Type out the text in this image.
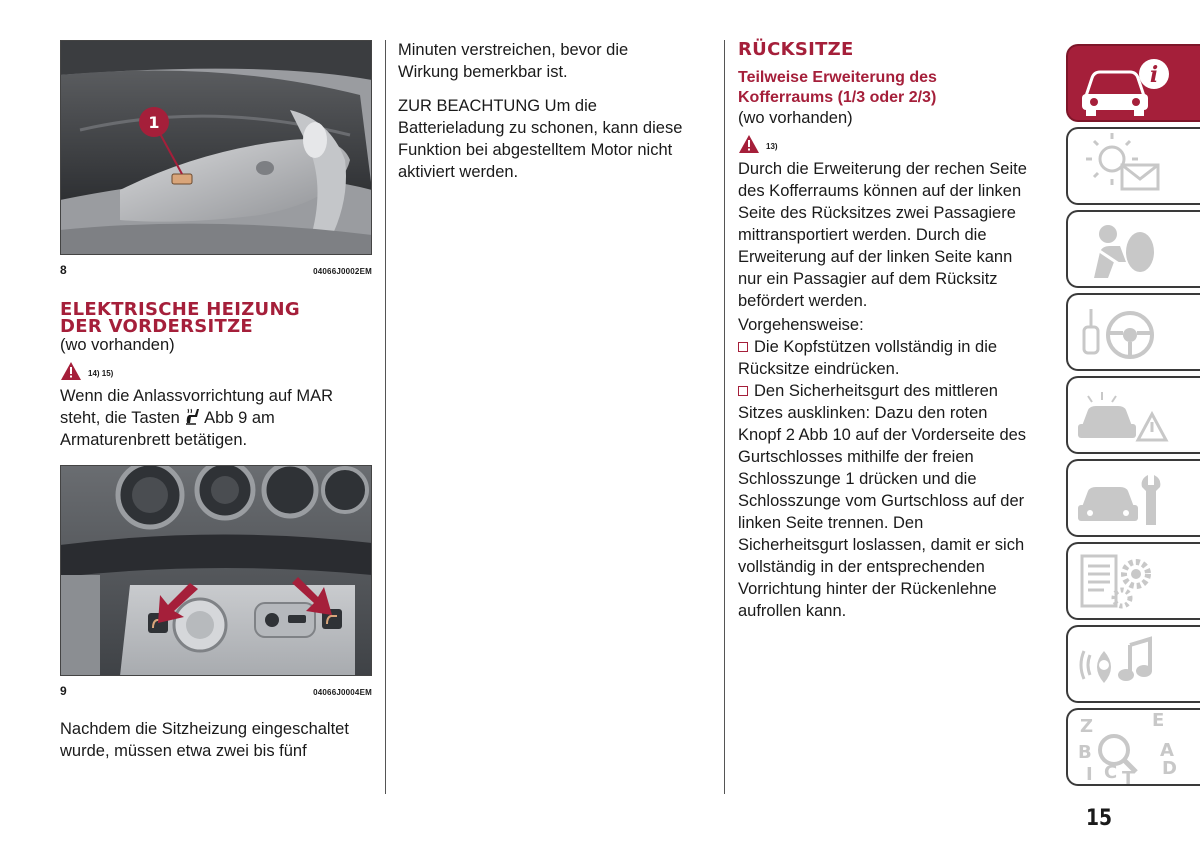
1
8	04066J0002EM
ELEKTRISCHE HEIZUNG
DER VORDERSITZE

(wo vorhanden)

14) 15)

Wenn die Anlassvorrichtung auf MAR
steht, die Tasten Abb 9 am
Armaturenbrett betätigen.

9	04066J0004EM

Nachdem die Sitzheizung eingeschaltet
wurde, müssen etwa zwei bis fünf

Minuten verstreichen, bevor die
Wirkung bemerkbar ist.

ZUR BEACHTUNG Um die
Batterieladung zu schonen, kann diese
Funktion bei abgestelltem Motor nicht
aktiviert werden.

RÜCKSITZE
Teilweise Erweiterung des
Kofferraums (1/3 oder 2/3)

(wo vorhanden)

13)

Durch die Erweiterung der rechen Seite
des Kofferraums können auf der linken
Seite des Rücksitzes zwei Passagiere
mittransportiert werden. Durch die
Erweiterung auf der linken Seite kann
nur ein Passagier auf dem Rücksitz
befördert werden.

Vorgehensweise:

Die Kopfstützen vollständig in die
Rücksitze eindrücken.

Den Sicherheitsgurt des mittleren
Sitzes ausklinken: Dazu den roten
Knopf 2 Abb 10 auf der Vorderseite des
Gurtschlosses mithilfe der freien
Schlosszunge 1 drücken und die
Schlosszunge vom Gurtschloss auf der
linken Seite trennen. Den
Sicherheitsgurt loslassen, damit er sich
vollständig in der entsprechenden
Vorrichtung hinter der Rückenlehne
aufrollen kann.

i
Z	E
B	A
I C T D
15
